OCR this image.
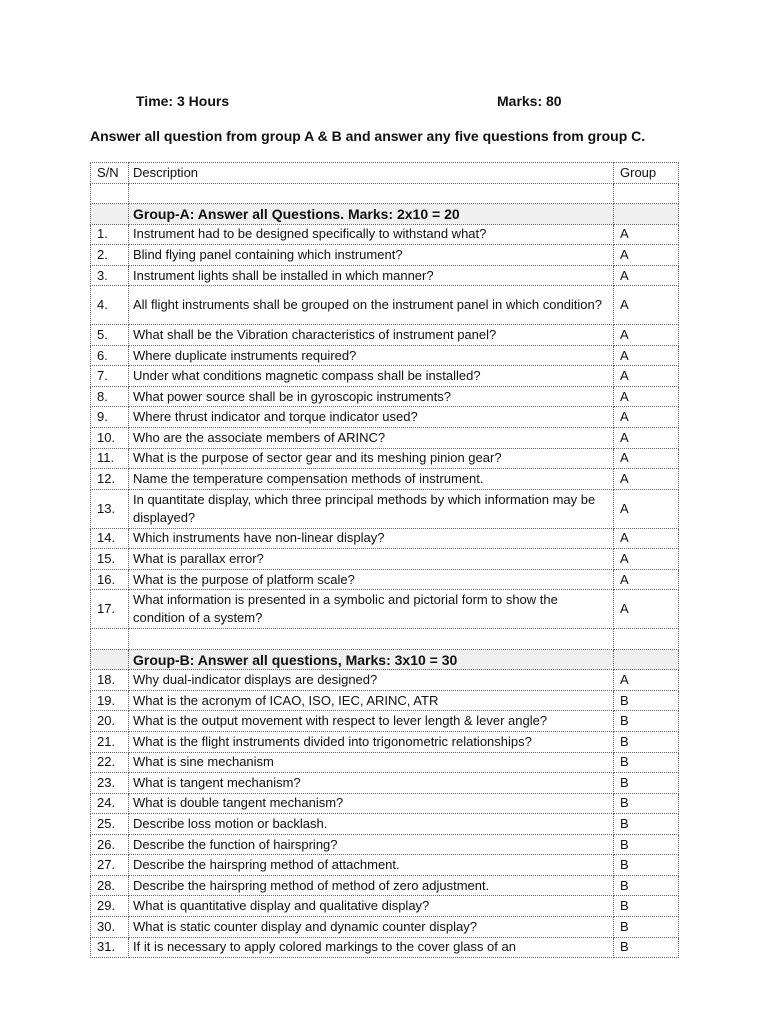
Time: 3 Hours	Marks: 80
Answer all question from group A & B and answer any five questions from group C.
S/N	Description	Group

	Group-A: Answer all Questions. Marks: 2x10 = 20	
1.	Instrument had to be designed specifically to withstand what?	A
2.	Blind flying panel containing which instrument?	A
3.	Instrument lights shall be installed in which manner?	A
4.	All flight instruments shall be grouped on the instrument panel in which condition?	A
5.	What shall be the Vibration characteristics of instrument panel?	A
6.	Where duplicate instruments required?	A
7.	Under what conditions magnetic compass shall be installed?	A
8.	What power source shall be in gyroscopic instruments?	A
9.	Where thrust indicator and torque indicator used?	A
10.	Who are the associate members of ARINC?	A
11.	What is the purpose of sector gear and its meshing pinion gear?	A
12.	Name the temperature compensation methods of instrument.	A
13.	In quantitate display, which three principal methods by which information may be displayed?	A
14.	Which instruments have non-linear display?	A
15.	What is parallax error?	A
16.	What is the purpose of platform scale?	A
17.	What information is presented in a symbolic and pictorial form to show the condition of a system?	A

	Group-B: Answer all questions, Marks: 3x10 = 30	
18.	Why dual-indicator displays are designed?	A
19.	What is the acronym of ICAO, ISO, IEC, ARINC, ATR	B
20.	What is the output movement with respect to lever length & lever angle?	B
21.	What is the flight instruments divided into trigonometric relationships?	B
22.	What is sine mechanism	B
23.	What is tangent mechanism?	B
24.	What is double tangent mechanism?	B
25.	Describe loss motion or backlash.	B
26.	Describe the function of hairspring?	B
27.	Describe the hairspring method of attachment.	B
28.	Describe the hairspring method of method of zero adjustment.	B
29.	What is quantitative display and qualitative display?	B
30.	What is static counter display and dynamic counter display?	B
31.	If it is necessary to apply colored markings to the cover glass of an	B
